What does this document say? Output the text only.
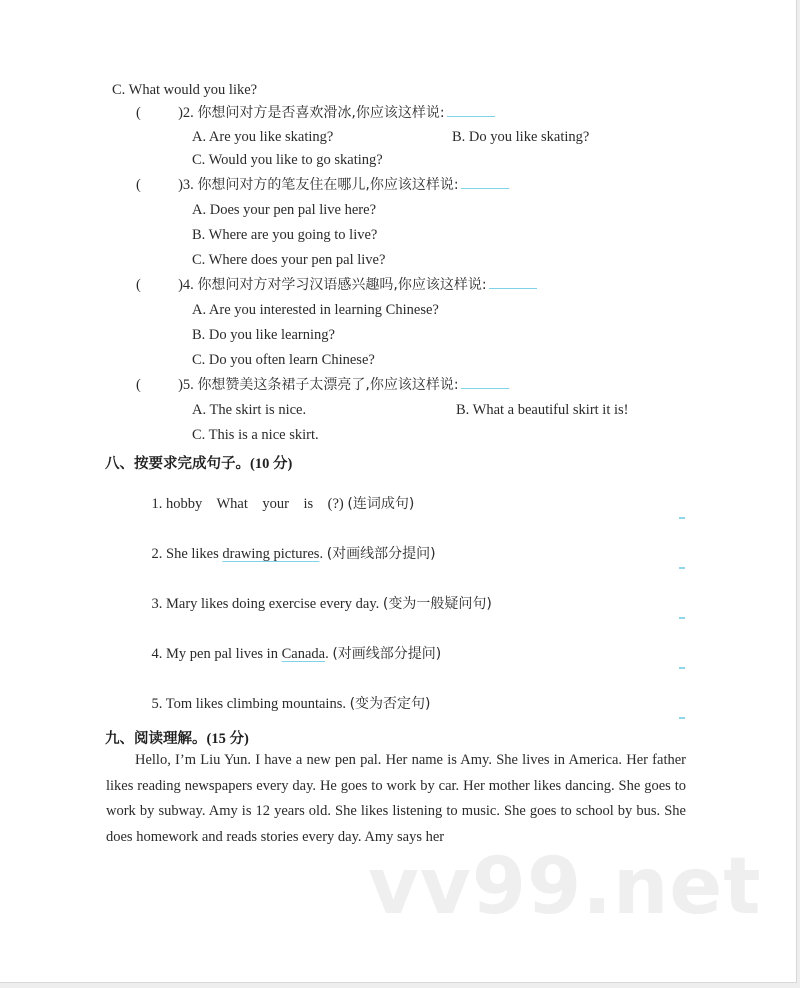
C. What would you like?
(	)2. 你想问对方是否喜欢滑冰,你应该这样说:
A. Are you like skating?	B. Do you like skating?
C. Would you like to go skating?
(	)3. 你想问对方的笔友住在哪儿,你应该这样说:
A. Does your pen pal live here?
B. Where are you going to live?
C. Where does your pen pal live?
(	)4. 你想问对方对学习汉语感兴趣吗,你应该这样说:
A. Are you interested in learning Chinese?
B. Do you like learning?
C. Do you often learn Chinese?
(	)5. 你想赞美这条裙子太漂亮了,你应该这样说:
A. The skirt is nice.	B. What a beautiful skirt it is!
C. This is a nice skirt.
八、按要求完成句子。(10 分)

1. hobby    What    your    is    (?) (连词成句)

2. She likes drawing pictures. (对画线部分提问)

3. Mary likes doing exercise every day. (变为一般疑问句)

4. My pen pal lives in Canada. (对画线部分提问)

5. Tom likes climbing mountains. (变为否定句)

九、阅读理解。(15 分)
Hello, I’m Liu Yun. I have a new pen pal. Her name is Amy. She lives in America. Her father likes reading newspapers every day. He goes to work by car. Her mother likes dancing. She goes to work by subway. Amy is 12 years old. She likes listening to music. She goes to school by bus. She does homework and reads stories every day. Amy says her
vv99.net
